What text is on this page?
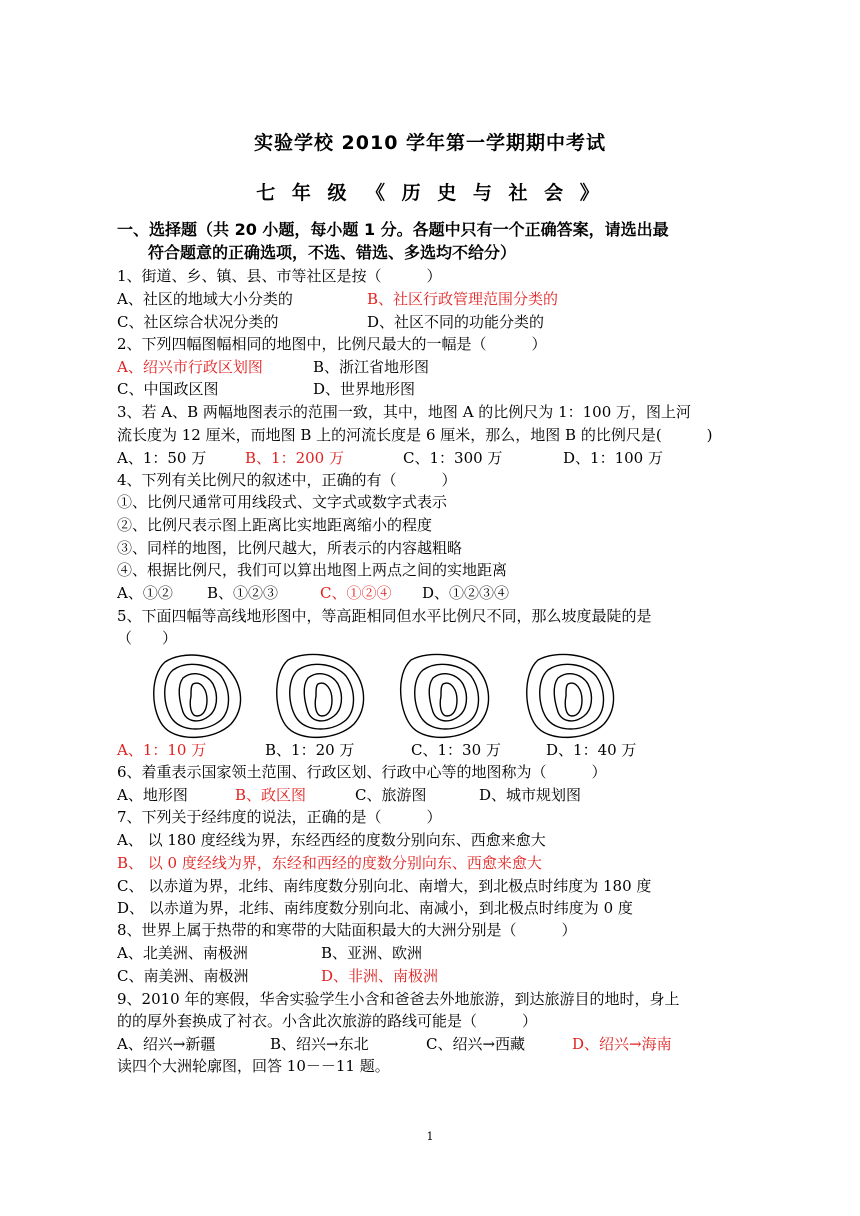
实验学校 2010 学年第一学期期中考试
七 年 级　《 历 史 与 社 会 》
一、选择题（共 20 小题，每小题 1 分。各题中只有一个正确答案，请选出最
符合题意的正确选项，不选、错选、多选均不给分）
1、街道、乡、镇、县、市等社区是按（　　　）
A、社区的地域大小分类的	B、社区行政管理范围分类的
C、社区综合状况分类的	D、社区不同的功能分类的
2、下列四幅图幅相同的地图中，比例尺最大的一幅是（　　　）
A、绍兴市行政区划图	B、浙江省地形图
C、中国政区图	D、世界地形图
3、若 A、B 两幅地图表示的范围一致，其中，地图 A 的比例尺为 1：100 万，图上河
流长度为 12 厘米，而地图 B 上的河流长度是 6 厘米，那么，地图 B 的比例尺是(　　　)
A、1：50 万	B、1：200 万	C、1：300 万	D、1：100 万
4、下列有关比例尺的叙述中，正确的有（　　　）
①、比例尺通常可用线段式、文字式或数字式表示
②、比例尺表示图上距离比实地距离缩小的程度
③、同样的地图，比例尺越大，所表示的内容越粗略
④、根据比例尺，我们可以算出地图上两点之间的实地距离
A、①② B、①②③	C、①②④ D、①②③④
5、下面四幅等高线地形图中，等高距相同但水平比例尺不同，那么坡度最陡的是
（　　）
A、1：10 万	B、1：20 万	C、1：30 万	D、1：40 万
6、着重表示国家领土范围、行政区划、行政中心等的地图称为（　　　）
A、地形图	B、政区图	C、旅游图	D、城市规划图
7、下列关于经纬度的说法，正确的是（　　　）
A、 以 180 度经线为界，东经西经的度数分别向东、西愈来愈大
B、 以 0 度经线为界，东经和西经的度数分别向东、西愈来愈大
C、 以赤道为界，北纬、南纬度数分别向北、南增大，到北极点时纬度为 180 度
D、 以赤道为界，北纬、南纬度数分别向北、南减小，到北极点时纬度为 0 度
8、世界上属于热带的和寒带的大陆面积最大的大洲分别是（　　　）
A、北美洲、南极洲	B、亚洲、欧洲
C、南美洲、南极洲	D、非洲、南极洲
9、2010 年的寒假，华舍实验学生小含和爸爸去外地旅游，到达旅游目的地时，身上
的的厚外套换成了衬衣。小含此次旅游的路线可能是（　　　）
A、绍兴→新疆	B、绍兴→东北	C、绍兴→西藏	D、绍兴→海南
读四个大洲轮廓图，回答 10－－11 题。
1
